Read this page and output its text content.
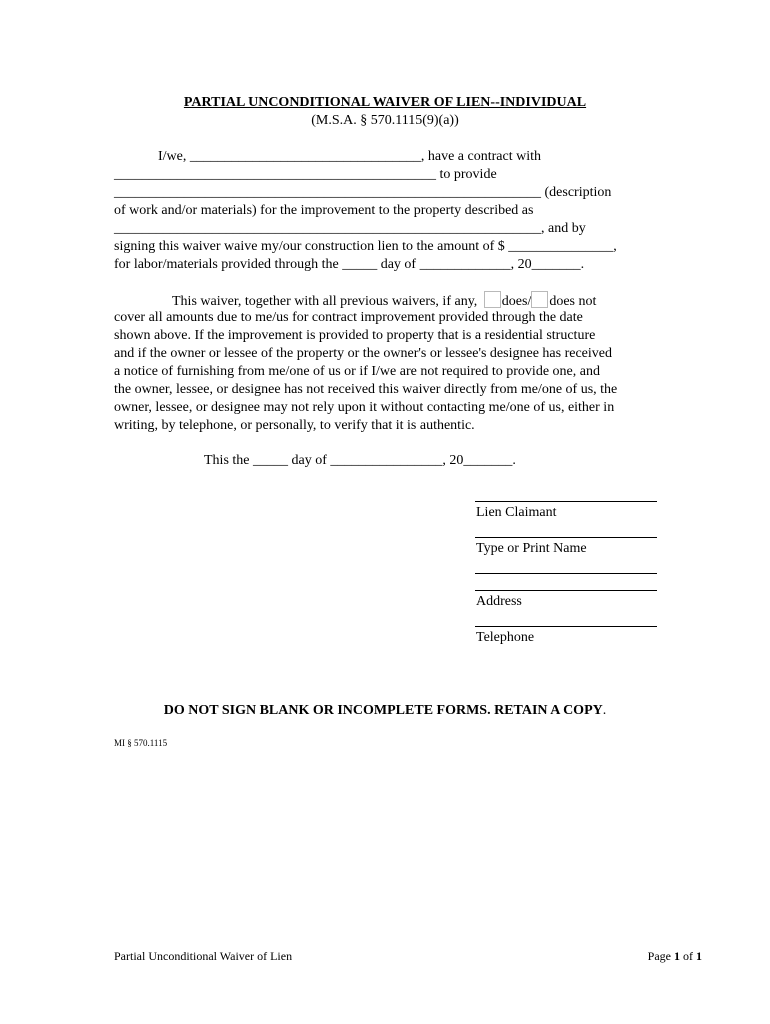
PARTIAL UNCONDITIONAL WAIVER OF LIEN--INDIVIDUAL
(M.S.A. § 570.1115(9)(a))
I/we, _________________________________, have a contract with
______________________________________________ to provide
_____________________________________________________________ (description
of work and/or materials) for the improvement to the property described as
_____________________________________________________________, and by
signing this waiver waive my/our construction lien to the amount of $ _______________,
for labor/materials provided through the _____ day of _____________, 20_______.
This waiver, together with all previous waivers, if any, does/ does not
cover all amounts due to me/us for contract improvement provided through the date
shown above. If the improvement is provided to property that is a residential structure
and if the owner or lessee of the property or the owner's or lessee's designee has received
a notice of furnishing from me/one of us or if I/we are not required to provide one, and
the owner, lessee, or designee has not received this waiver directly from me/one of us, the
owner, lessee, or designee may not rely upon it without contacting me/one of us, either in
writing, by telephone, or personally, to verify that it is authentic.
This the _____ day of ________________, 20_______.
Lien Claimant
Type or Print Name
Address
Telephone
DO NOT SIGN BLANK OR INCOMPLETE FORMS. RETAIN A COPY.
MI § 570.1115
Partial Unconditional Waiver of Lien	Page 1 of 1
